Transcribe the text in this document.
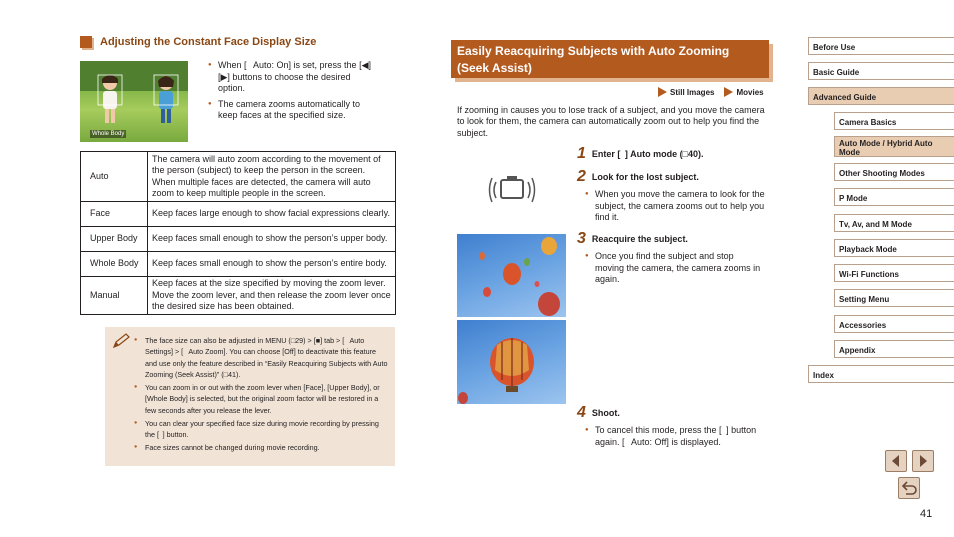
Adjusting the Constant Face Display Size
Whole Body
● When [  Auto: On] is set, press the [◀][▶] buttons to choose the desired option.
● The camera zooms automatically to keep faces at the specified size.
Auto	The camera will auto zoom according to the movement of the person (subject) to keep the person in the screen. When multiple faces are detected, the camera will auto zoom to keep multiple people in the screen.
Face	Keep faces large enough to show facial expressions clearly.
Upper Body	Keep faces small enough to show the person’s upper body.
Whole Body	Keep faces small enough to show the person’s entire body.
Manual	Keep faces at the size specified by moving the zoom lever. Move the zoom lever, and then release the zoom lever once the desired size has been obtained.
● The face size can also be adjusted in MENU (□29) > [■] tab > [  Auto Settings] > [  Auto Zoom]. You can choose [Off] to deactivate this feature and use only the feature described in “Easily Reacquiring Subjects with Auto Zooming (Seek Assist)” (□41).
● You can zoom in or out with the zoom lever when [Face], [Upper Body], or [Whole Body] is selected, but the original zoom factor will be restored in a few seconds after you release the lever.
● You can clear your specified face size during movie recording by pressing the [ ] button.
● Face sizes cannot be changed during movie recording.
Easily Reacquiring Subjects with Auto Zooming (Seek Assist)
Still Images	Movies
If zooming in causes you to lose track of a subject, and you move the camera to look for them, the camera can automatically zoom out to help you find the subject.
1 Enter [ ] Auto mode (□40).
2 Look for the lost subject.
● When you move the camera to look for the subject, the camera zooms out to help you find it.
3 Reacquire the subject.
● Once you find the subject and stop moving the camera, the camera zooms in again.
4 Shoot.
● To cancel this mode, press the [ ] button again. [  Auto: Off] is displayed.
Before Use
Basic Guide
Advanced Guide
Camera Basics
Auto Mode / Hybrid Auto Mode
Other Shooting Modes
P Mode
Tv, Av, and M Mode
Playback Mode
Wi-Fi Functions
Setting Menu
Accessories
Appendix
Index
41
